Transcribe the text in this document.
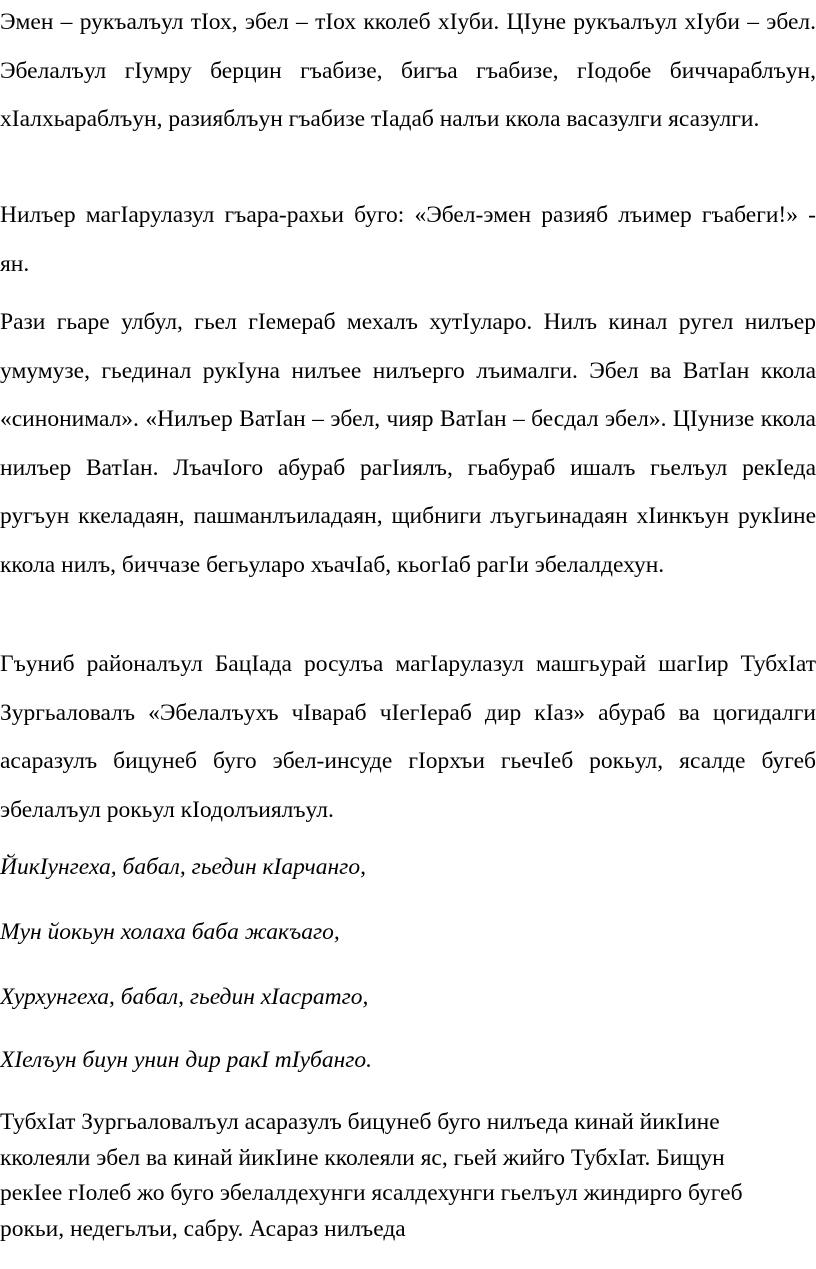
Эмен – рукъалъул тIох, эбел – тIох кколеб хIуби. ЦIуне рукъалъул хIуби – эбел. Эбелалъул гIумру берцин гъабизе, бигъа гъабизе, гIодобе биччараблъун, хIалхьараблъун, разияблъун гъабизе тIадаб налъи ккола васазулги ясазулги.

Нилъер магIарулазул гъара-рахьи буго: «Эбел-эмен разияб лъимер гъабеги!» - ян.

Рази гьаре улбул, гьел гIемераб мехалъ хутIуларо. Нилъ кинал ругел нилъер умумузе, гьединал рукIуна нилъее нилъерго лъималги. Эбел ва ВатIан ккола «синонимал». «Нилъер ВатIан – эбел, чияр ВатIан – бесдал эбел». ЦIунизе ккола нилъер ВатIан. ЛъачIого абураб рагIиялъ, гьабураб ишалъ гьелъул рекIеда ругъун ккеладаян, пашманлъиладаян, щибниги лъугьинадаян хIинкъун рукIине ккола нилъ, биччазе бегьуларо хъачIаб, кьогIаб рагIи эбелалдехун.

Гъуниб районалъул БацIада росулъа магIарулазул машгьурай шагIир ТубхIат Зургьаловалъ «Эбелалъухъ чIвараб чIегIераб дир кIаз» абураб ва цогидалги асаразулъ бицунеб буго эбел-инсуде гIорхъи гьечIеб рокьул, ясалде бугеб эбелалъул рокьул кIодолъиялъул.

ЙикIунгеха, бабал, гьедин кIарчанго,

Мун йокьун холаха баба жакъаго,

Хурхунгеха, бабал, гьедин хIасратго,

ХIелъун биун унин дир ракI тIубанго.

ТубхIат Зургьаловалъул асаразулъ бицунеб буго нилъеда кинай йикIине кколеяли эбел ва кинай йикIине кколеяли яс, гьей жийго ТубхIат. Бищун рекIее гIолеб жо буго эбелалдехунги ясалдехунги гьелъул жиндирго бугеб рокьи, недегьлъи, сабру. Асараз нилъеда
